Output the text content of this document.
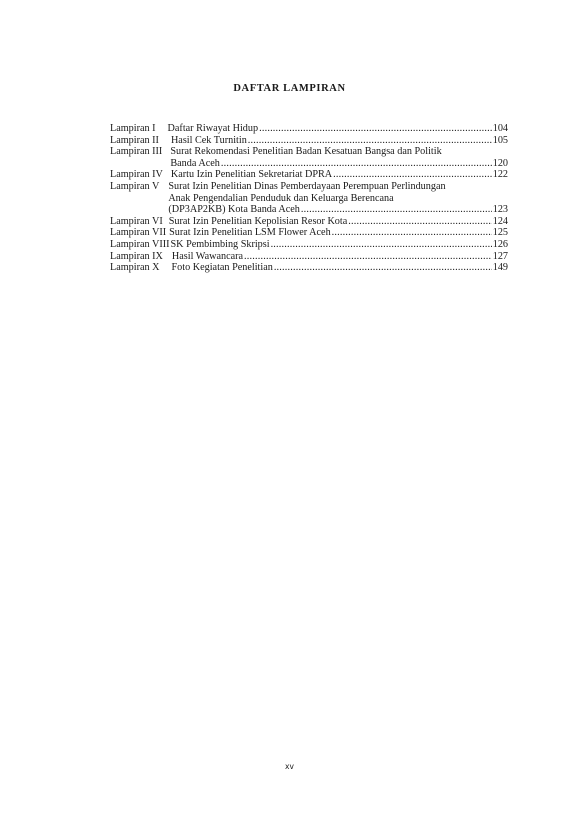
DAFTAR LAMPIRAN
Lampiran I	Daftar Riwayat Hidup .....	104
Lampiran II	Hasil Cek Turnitin .....	105
Lampiran III Surat Rekomendasi Penelitian Badan Kesatuan Bangsa dan Politik
Banda Aceh .....	120
Lampiran IV Kartu Izin Penelitian Sekretariat DPRA .....	122
Lampiran V Surat Izin Penelitian Dinas Pemberdayaan Perempuan Perlindungan
Anak Pengendalian Penduduk dan Keluarga Berencana
(DP3AP2KB) Kota Banda Aceh .....	123
Lampiran VI Surat Izin Penelitian Kepolisian Resor Kota .....	124
Lampiran VII Surat Izin Penelitian LSM Flower Aceh .....	125
Lampiran VIII SK Pembimbing Skripsi .....	126
Lampiran IX Hasil Wawancara .....	127
Lampiran X	Foto Kegiatan Penelitian .....	149
xv
